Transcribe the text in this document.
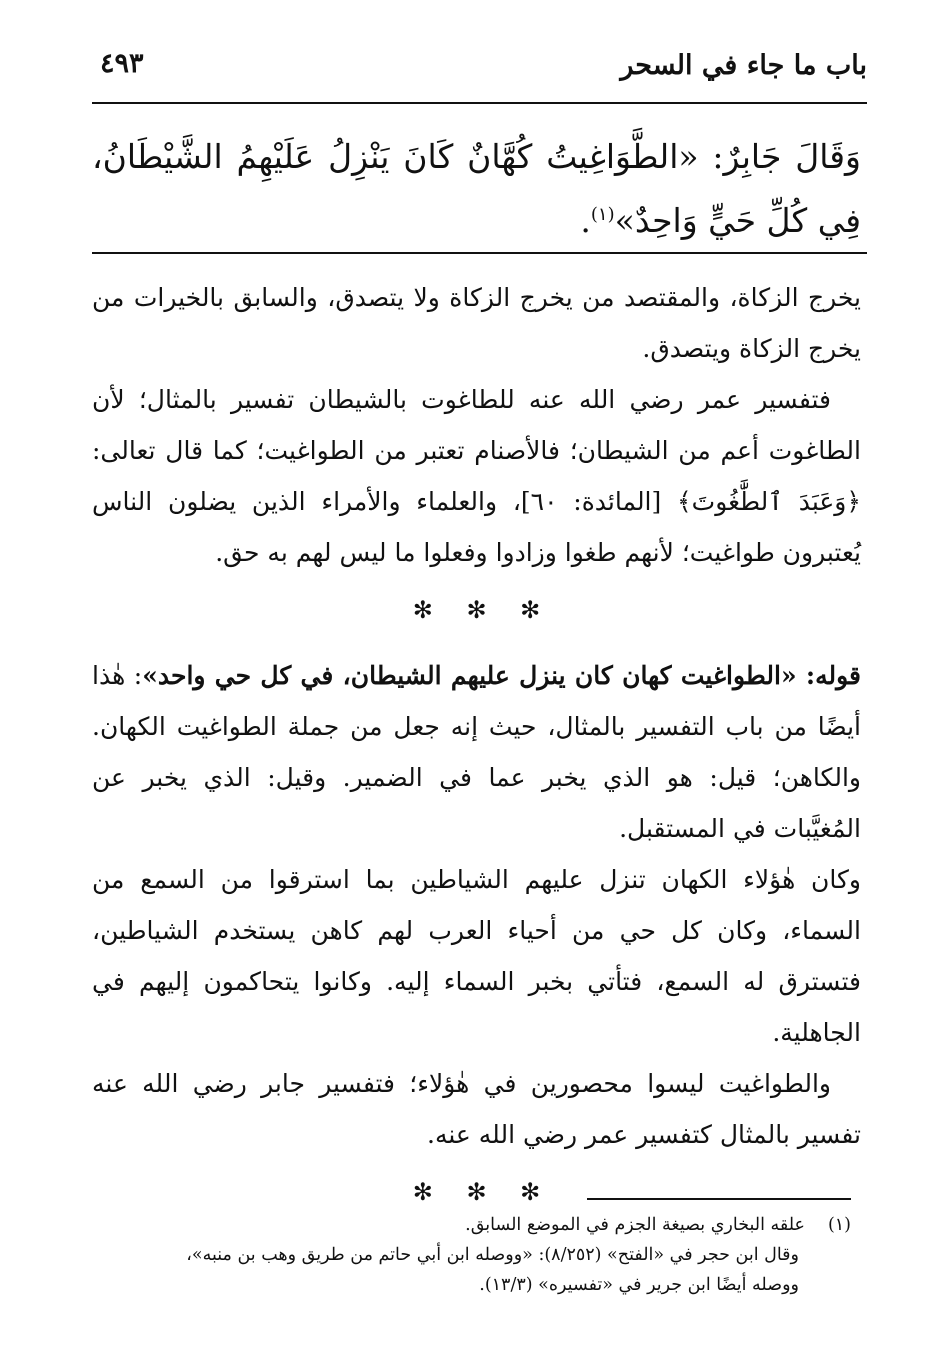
باب ما جاء في السحر
٤٩٣
وَقَالَ جَابِرٌ: «الطَّوَاغِيتُ كُهَّانٌ كَانَ يَنْزِلُ عَلَيْهِمُ الشَّيْطَانُ، فِي كُلِّ حَيٍّ وَاحِدٌ»$^{(١)}$.

يخرج الزكاة، والمقتصد من يخرج الزكاة ولا يتصدق، والسابق بالخيرات من يخرج الزكاة ويتصدق.

فتفسير عمر رضي الله عنه للطاغوت بالشيطان تفسير بالمثال؛ لأن الطاغوت أعم من الشيطان؛ فالأصنام تعتبر من الطواغيت؛ كما قال تعالى: ﴿وَعَبَدَ ٱلطَّٰغُوتَ﴾ [المائدة: ٦٠]، والعلماء والأمراء الذين يضلون الناس يُعتبرون طواغيت؛ لأنهم طغوا وزادوا وفعلوا ما ليس لهم به حق.

✻ ✻ ✻

قوله: «الطواغيت كهان كان ينزل عليهم الشيطان، في كل حي واحد»: هٰذا أيضًا من باب التفسير بالمثال، حيث إنه جعل من جملة الطواغيت الكهان. والكاهن؛ قيل: هو الذي يخبر عما في الضمير. وقيل: الذي يخبر عن المُغيَّبات في المستقبل.

وكان هٰؤلاء الكهان تنزل عليهم الشياطين بما استرقوا من السمع من السماء، وكان كل حي من أحياء العرب لهم كاهن يستخدم الشياطين، فتسترق له السمع، فتأتي بخبر السماء إليه. وكانوا يتحاكمون إليهم في الجاهلية.

والطواغيت ليسوا محصورين في هٰؤلاء؛ فتفسير جابر رضي الله عنه تفسير بالمثال كتفسير عمر رضي الله عنه.

✻ ✻ ✻

(١)علقه البخاري بصيغة الجزم في الموضع السابق.

وقال ابن حجر في «الفتح» (٨/٢٥٢): «ووصله ابن أبي حاتم من طريق وهب بن منبه»،

ووصله أيضًا ابن جرير في «تفسيره» (١٣/٣).
